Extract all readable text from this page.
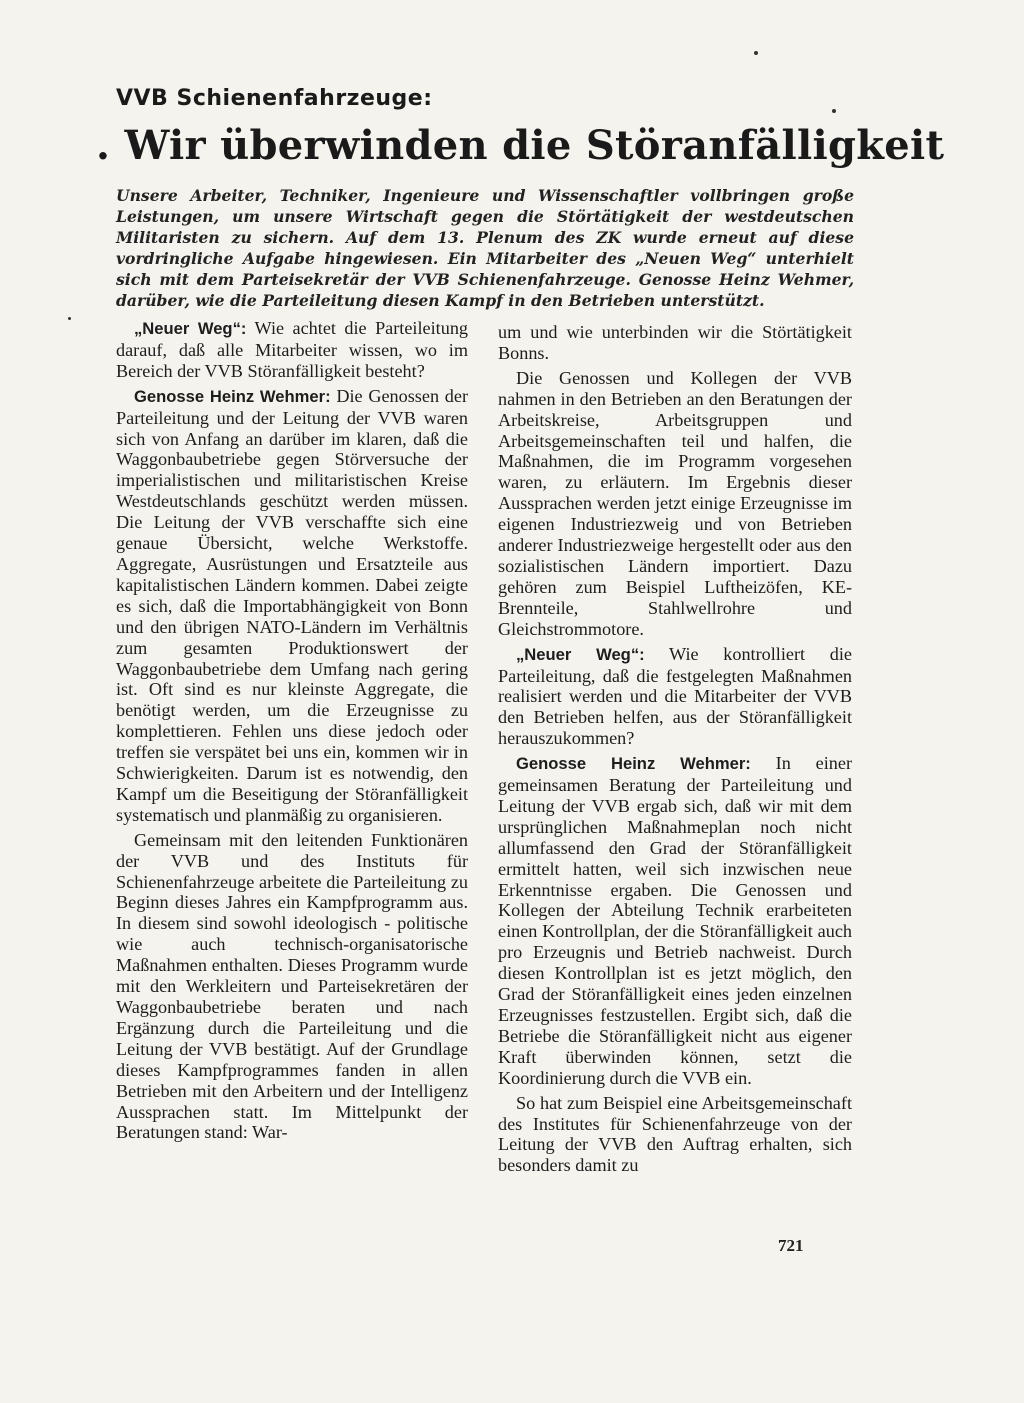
VVB Schienenfahrzeuge:
. Wir überwinden die Störanfälligkeit

Unsere Arbeiter, Techniker, Ingenieure und Wissenschaftler vollbringen große Leistungen, um unsere Wirtschaft gegen die Störtätigkeit der westdeutschen Militaristen zu sichern. Auf dem 13. Plenum des ZK wurde erneut auf diese vordringliche Aufgabe hingewiesen. Ein Mitarbeiter des „Neuen Weg“ unterhielt sich mit dem Parteisekretär der VVB Schienenfahrzeuge. Genosse Heinz Wehmer, darüber, wie die Parteileitung diesen Kampf in den Betrieben unterstützt.

„Neuer Weg“: Wie achtet die Parteileitung darauf, daß alle Mitarbeiter wissen, wo im Bereich der VVB Störanfälligkeit besteht?

Genosse Heinz Wehmer: Die Genossen der Parteileitung und der Leitung der VVB waren sich von Anfang an darüber im klaren, daß die Waggonbaubetriebe gegen Störversuche der imperialistischen und militaristischen Kreise Westdeutschlands geschützt werden müssen. Die Leitung der VVB verschaffte sich eine genaue Übersicht, welche Werkstoffe. Aggregate, Ausrüstungen und Ersatzteile aus kapitalistischen Ländern kommen. Dabei zeigte es sich, daß die Importabhängigkeit von Bonn und den übrigen NATO-Ländern im Verhältnis zum gesamten Produktionswert der Waggonbaubetriebe dem Umfang nach gering ist. Oft sind es nur kleinste Aggregate, die benötigt werden, um die Erzeugnisse zu komplettieren. Fehlen uns diese jedoch oder treffen sie verspätet bei uns ein, kommen wir in Schwierigkeiten. Darum ist es notwendig, den Kampf um die Beseitigung der Störanfälligkeit systematisch und planmäßig zu organisieren.

Gemeinsam mit den leitenden Funktionären der VVB und des Instituts für Schienenfahrzeuge arbeitete die Parteileitung zu Beginn dieses Jahres ein Kampfprogramm aus. In diesem sind sowohl ideologisch - politische wie auch technisch-organisatorische Maßnahmen enthalten. Dieses Programm wurde mit den Werkleitern und Parteisekretären der Waggonbaubetriebe beraten und nach Ergänzung durch die Parteileitung und die Leitung der VVB bestätigt. Auf der Grundlage dieses Kampfprogrammes fanden in allen Betrieben mit den Arbeitern und der Intelligenz Aussprachen statt. Im Mittelpunkt der Beratungen stand: War-

um und wie unterbinden wir die Störtätigkeit Bonns.

Die Genossen und Kollegen der VVB nahmen in den Betrieben an den Beratungen der Arbeitskreise, Arbeitsgruppen und Arbeitsgemeinschaften teil und halfen, die Maßnahmen, die im Programm vorgesehen waren, zu erläutern. Im Ergebnis dieser Aussprachen werden jetzt einige Erzeugnisse im eigenen Industriezweig und von Betrieben anderer Industriezweige hergestellt oder aus den sozialistischen Ländern importiert. Dazu gehören zum Beispiel Luftheizöfen, KE-Brennteile, Stahlwellrohre und Gleichstrommotore.

„Neuer Weg“: Wie kontrolliert die Parteileitung, daß die festgelegten Maßnahmen realisiert werden und die Mitarbeiter der VVB den Betrieben helfen, aus der Störanfälligkeit herauszukommen?

Genosse Heinz Wehmer: In einer gemeinsamen Beratung der Parteileitung und Leitung der VVB ergab sich, daß wir mit dem ursprünglichen Maßnahmeplan noch nicht allumfassend den Grad der Störanfälligkeit ermittelt hatten, weil sich inzwischen neue Erkenntnisse ergaben. Die Genossen und Kollegen der Abteilung Technik erarbeiteten einen Kontrollplan, der die Störanfälligkeit auch pro Erzeugnis und Betrieb nachweist. Durch diesen Kontrollplan ist es jetzt möglich, den Grad der Störanfälligkeit eines jeden einzelnen Erzeugnisses festzustellen. Ergibt sich, daß die Betriebe die Störanfälligkeit nicht aus eigener Kraft überwinden können, setzt die Koordinierung durch die VVB ein.

So hat zum Beispiel eine Arbeitsgemeinschaft des Institutes für Schienenfahrzeuge von der Leitung der VVB den Auftrag erhalten, sich besonders damit zu

721
